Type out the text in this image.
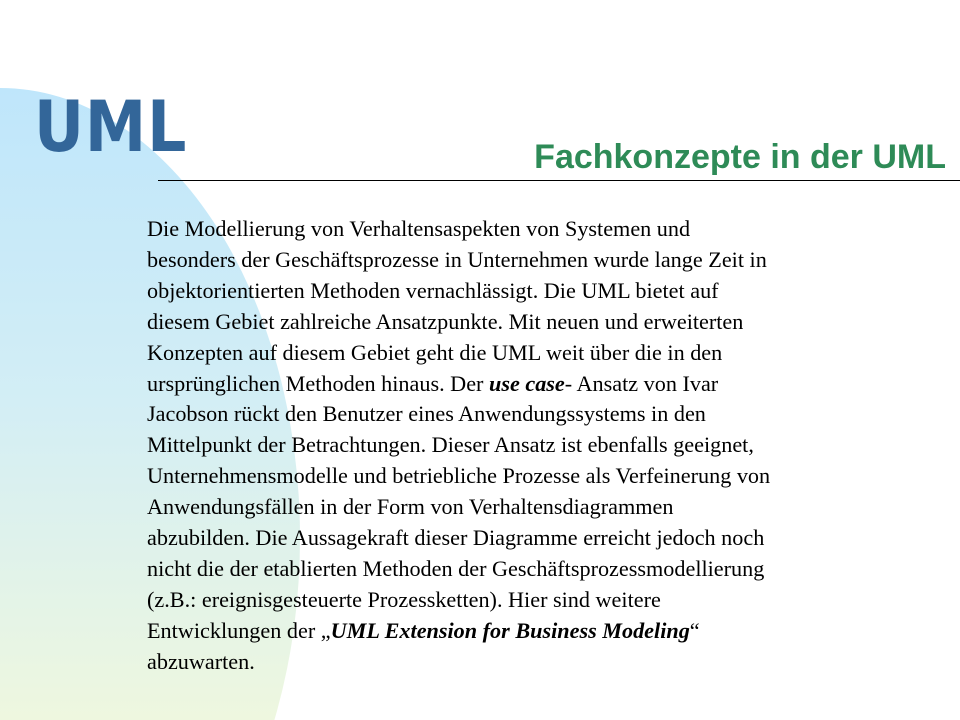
UML	Fachkonzepte in der UML
Die Modellierung von Verhaltensaspekten von Systemen und
besonders der Geschäftsprozesse in Unternehmen wurde lange Zeit in
objektorientierten Methoden vernachlässigt. Die UML bietet auf
diesem Gebiet zahlreiche Ansatzpunkte. Mit neuen und erweiterten
Konzepten auf diesem Gebiet geht die UML weit über die in den
ursprünglichen Methoden hinaus. Der use case- Ansatz von Ivar
Jacobson rückt den Benutzer eines Anwendungssystems in den
Mittelpunkt der Betrachtungen. Dieser Ansatz ist ebenfalls geeignet,
Unternehmensmodelle und betriebliche Prozesse als Verfeinerung von
Anwendungsfällen in der Form von Verhaltensdiagrammen
abzubilden. Die Aussagekraft dieser Diagramme erreicht jedoch noch
nicht die der etablierten Methoden der Geschäftsprozessmodellierung
(z.B.: ereignisgesteuerte Prozessketten). Hier sind weitere
Entwicklungen der „UML Extension for Business Modeling“
abzuwarten.
